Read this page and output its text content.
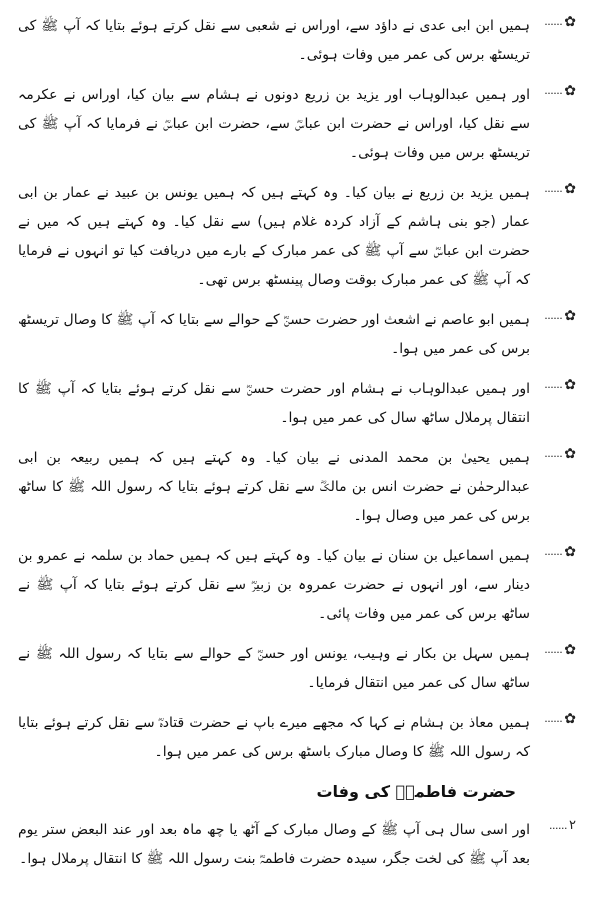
...... ✿

ہمیں ابن ابی عدی نے داؤد سے، اوراس نے شعبی سے نقل کرتے ہوئے بتایا کہ آپ ﷺ کی تریسٹھ برس کی عمر میں وفات ہوئی۔

...... ✿

اور ہمیں عبدالوہاب اور یزید بن زریع دونوں نے ہشام سے بیان کیا، اوراس نے عکرمہ سے نقل کیا، اوراس نے حضرت ابن عباسؓ سے، حضرت ابن عباسؓ نے فرمایا کہ آپ ﷺ کی تریسٹھ برس میں وفات ہوئی۔

...... ✿

ہمیں یزید بن زریع نے بیان کیا۔ وہ کہتے ہیں کہ ہمیں یونس بن عبید نے عمار بن ابی عمار (جو بنی ہاشم کے آزاد کردہ غلام ہیں) سے نقل کیا۔ وہ کہتے ہیں کہ میں نے حضرت ابن عباسؓ سے آپ ﷺ کی عمر مبارک کے بارے میں دریافت کیا تو انہوں نے فرمایا کہ آپ ﷺ کی عمر مبارک بوقت وصال پینسٹھ برس تھی۔

...... ✿

ہمیں ابو عاصم نے اشعث اور حضرت حسنؓ کے حوالے سے بتایا کہ آپ ﷺ کا وصال تریسٹھ برس کی عمر میں ہوا۔

...... ✿

اور ہمیں عبدالوہاب نے ہشام اور حضرت حسنؓ سے نقل کرتے ہوئے بتایا کہ آپ ﷺ کا انتقال پرملال ساٹھ سال کی عمر میں ہوا۔

...... ✿

ہمیں یحییٰ بن محمد المدنی نے بیان کیا۔ وہ کہتے ہیں کہ ہمیں ربیعہ بن ابی عبدالرحمٰن نے حضرت انس بن مالکؓ سے نقل کرتے ہوئے بتایا کہ رسول اللہ ﷺ کا ساٹھ برس کی عمر میں وصال ہوا۔

...... ✿

ہمیں اسماعیل بن سنان نے بیان کیا۔ وہ کہتے ہیں کہ ہمیں حماد بن سلمہ نے عمرو بن دینار سے، اور انہوں نے حضرت عمروہ بن زبیرؓ سے نقل کرتے ہوئے بتایا کہ آپ ﷺ نے ساٹھ برس کی عمر میں وفات پائی۔

...... ✿

ہمیں سہل بن بکار نے وہیب، یونس اور حسنؓ کے حوالے سے بتایا کہ رسول اللہ ﷺ نے ساٹھ سال کی عمر میں انتقال فرمایا۔

...... ✿

ہمیں معاذ بن ہشام نے کہا کہ مجھے میرے باپ نے حضرت قتادہؓ سے نقل کرتے ہوئے بتایا کہ رسول اللہ ﷺ کا وصال مبارک باسٹھ برس کی عمر میں ہوا۔

حضرت فاطمہؓ کی وفات
...... ۲

اور اسی سال ہی آپ ﷺ کے وصال مبارک کے آٹھ یا چھ ماہ بعد اور عند البعض ستر یوم بعد آپ ﷺ کی لخت جگر، سیدہ حضرت فاطمہؓ بنت رسول اللہ ﷺ کا انتقال پرملال ہوا۔
